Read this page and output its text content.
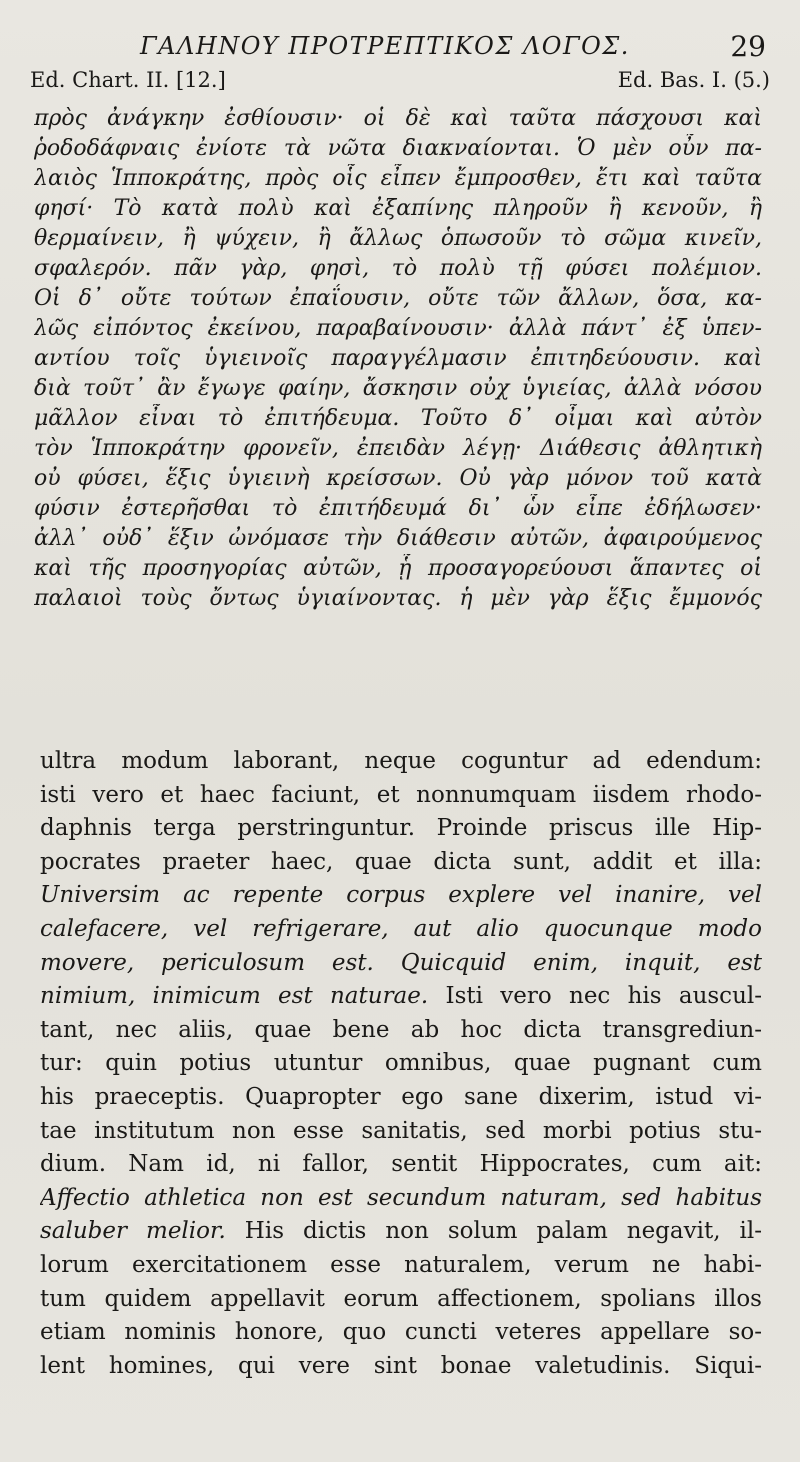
ΓΑΛΗΝΟΥ ΠΡΟΤΡΕΠΤΙΚΟΣ ΛΟΓΟΣ.	29
Ed. Chart. II. [12.]	Ed. Bas. I. (5.)
πρὸς ἀνάγκην ἐσθίουσιν· οἱ δὲ καὶ ταῦτα πάσχουσι καὶ
ῥοδοδάφναις ἐνίοτε τὰ νῶτα διακναίονται. Ὁ μὲν οὖν πα-
λαιὸς Ἱπποκράτης, πρὸς οἷς εἶπεν ἔμπροσθεν, ἔτι καὶ ταῦτα
φησί· Τὸ κατὰ πολὺ καὶ ἐξαπίνης πληροῦν ἢ κενοῦν, ἢ
θερμαίνειν, ἢ ψύχειν, ἢ ἄλλως ὁπωσοῦν τὸ σῶμα κινεῖν,
σφαλερόν. πᾶν γὰρ, φησὶ, τὸ πολὺ τῇ φύσει πολέμιον.
Οἱ δ᾽ οὔτε τούτων ἐπαΐουσιν, οὔτε τῶν ἄλλων, ὅσα, κα-
λῶς εἰπόντος ἐκείνου, παραβαίνουσιν· ἀλλὰ πάντ᾽ ἐξ ὑπεν-
αντίου τοῖς ὑγιεινοῖς παραγγέλμασιν ἐπιτηδεύουσιν. καὶ
διὰ τοῦτ᾽ ἂν ἔγωγε φαίην, ἄσκησιν οὐχ ὑγιείας, ἀλλὰ νόσου
μᾶλλον εἶναι τὸ ἐπιτήδευμα. Τοῦτο δ᾽ οἶμαι καὶ αὐτὸν
τὸν Ἱπποκράτην φρονεῖν, ἐπειδὰν λέγῃ· Διάθεσις ἀθλητικὴ
οὐ φύσει, ἕξις ὑγιεινὴ κρείσσων. Οὐ γὰρ μόνον τοῦ κατὰ
φύσιν ἐστερῆσθαι τὸ ἐπιτήδευμά δι᾽ ὧν εἶπε ἐδήλωσεν·
ἀλλ᾽ οὐδ᾽ ἕξιν ὠνόμασε τὴν διάθεσιν αὐτῶν, ἀφαιρούμενος
καὶ τῆς προσηγορίας αὐτῶν, ᾗ προσαγορεύουσι ἅπαντες οἱ
παλαιοὶ τοὺς ὄντως ὑγιαίνοντας. ἡ μὲν γὰρ ἕξις ἔμμονός
ultra modum laborant, neque coguntur ad edendum:
isti vero et haec faciunt, et nonnumquam iisdem rhodo-
daphnis terga perstringuntur. Proinde priscus ille Hip-
pocrates praeter haec, quae dicta sunt, addit et illa:
Universim ac repente corpus explere vel inanire, vel
calefacere, vel refrigerare, aut alio quocunque modo
movere, periculosum est. Quicquid enim, inquit, est
nimium, inimicum est naturae. Isti vero nec his auscul-
tant, nec aliis, quae bene ab hoc dicta transgrediun-
tur: quin potius utuntur omnibus, quae pugnant cum
his praeceptis. Quapropter ego sane dixerim, istud vi-
tae institutum non esse sanitatis, sed morbi potius stu-
dium. Nam id, ni fallor, sentit Hippocrates, cum ait:
Affectio athletica non est secundum naturam, sed habitus
saluber melior. His dictis non solum palam negavit, il-
lorum exercitationem esse naturalem, verum ne habi-
tum quidem appellavit eorum affectionem, spolians illos
etiam nominis honore, quo cuncti veteres appellare so-
lent homines, qui vere sint bonae valetudinis. Siqui-
